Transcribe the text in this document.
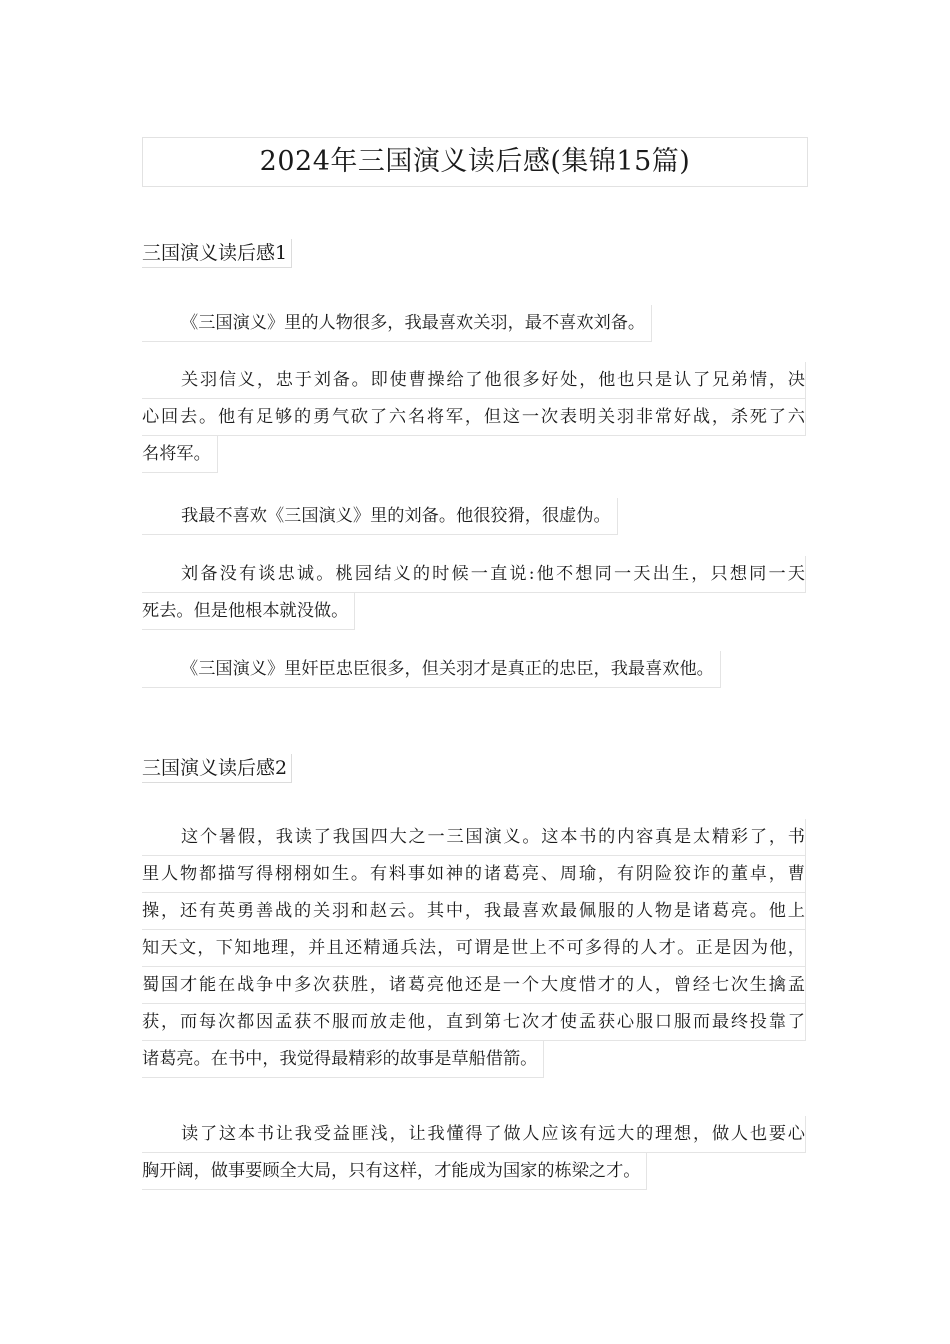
2024年三国演义读后感(集锦15篇)
三国演义读后感1
《三国演义》里的人物很多，我最喜欢关羽，最不喜欢刘备。
关羽信义，忠于刘备。即使曹操给了他很多好处，他也只是认了兄弟情，决
心回去。他有足够的勇气砍了六名将军，但这一次表明关羽非常好战，杀死了六
名将军。
我最不喜欢《三国演义》里的刘备。他很狡猾，很虚伪。
刘备没有谈忠诚。桃园结义的时候一直说:他不想同一天出生，只想同一天
死去。但是他根本就没做。
《三国演义》里奸臣忠臣很多，但关羽才是真正的忠臣，我最喜欢他。
三国演义读后感2
这个暑假，我读了我国四大之一三国演义。这本书的内容真是太精彩了，书
里人物都描写得栩栩如生。有料事如神的诸葛亮、周瑜，有阴险狡诈的董卓，曹
操，还有英勇善战的关羽和赵云。其中，我最喜欢最佩服的人物是诸葛亮。他上
知天文，下知地理，并且还精通兵法，可谓是世上不可多得的人才。正是因为他，
蜀国才能在战争中多次获胜，诸葛亮他还是一个大度惜才的人，曾经七次生擒孟
获，而每次都因孟获不服而放走他，直到第七次才使孟获心服口服而最终投靠了
诸葛亮。在书中，我觉得最精彩的故事是草船借箭。
读了这本书让我受益匪浅，让我懂得了做人应该有远大的理想，做人也要心
胸开阔，做事要顾全大局，只有这样，才能成为国家的栋梁之才。
